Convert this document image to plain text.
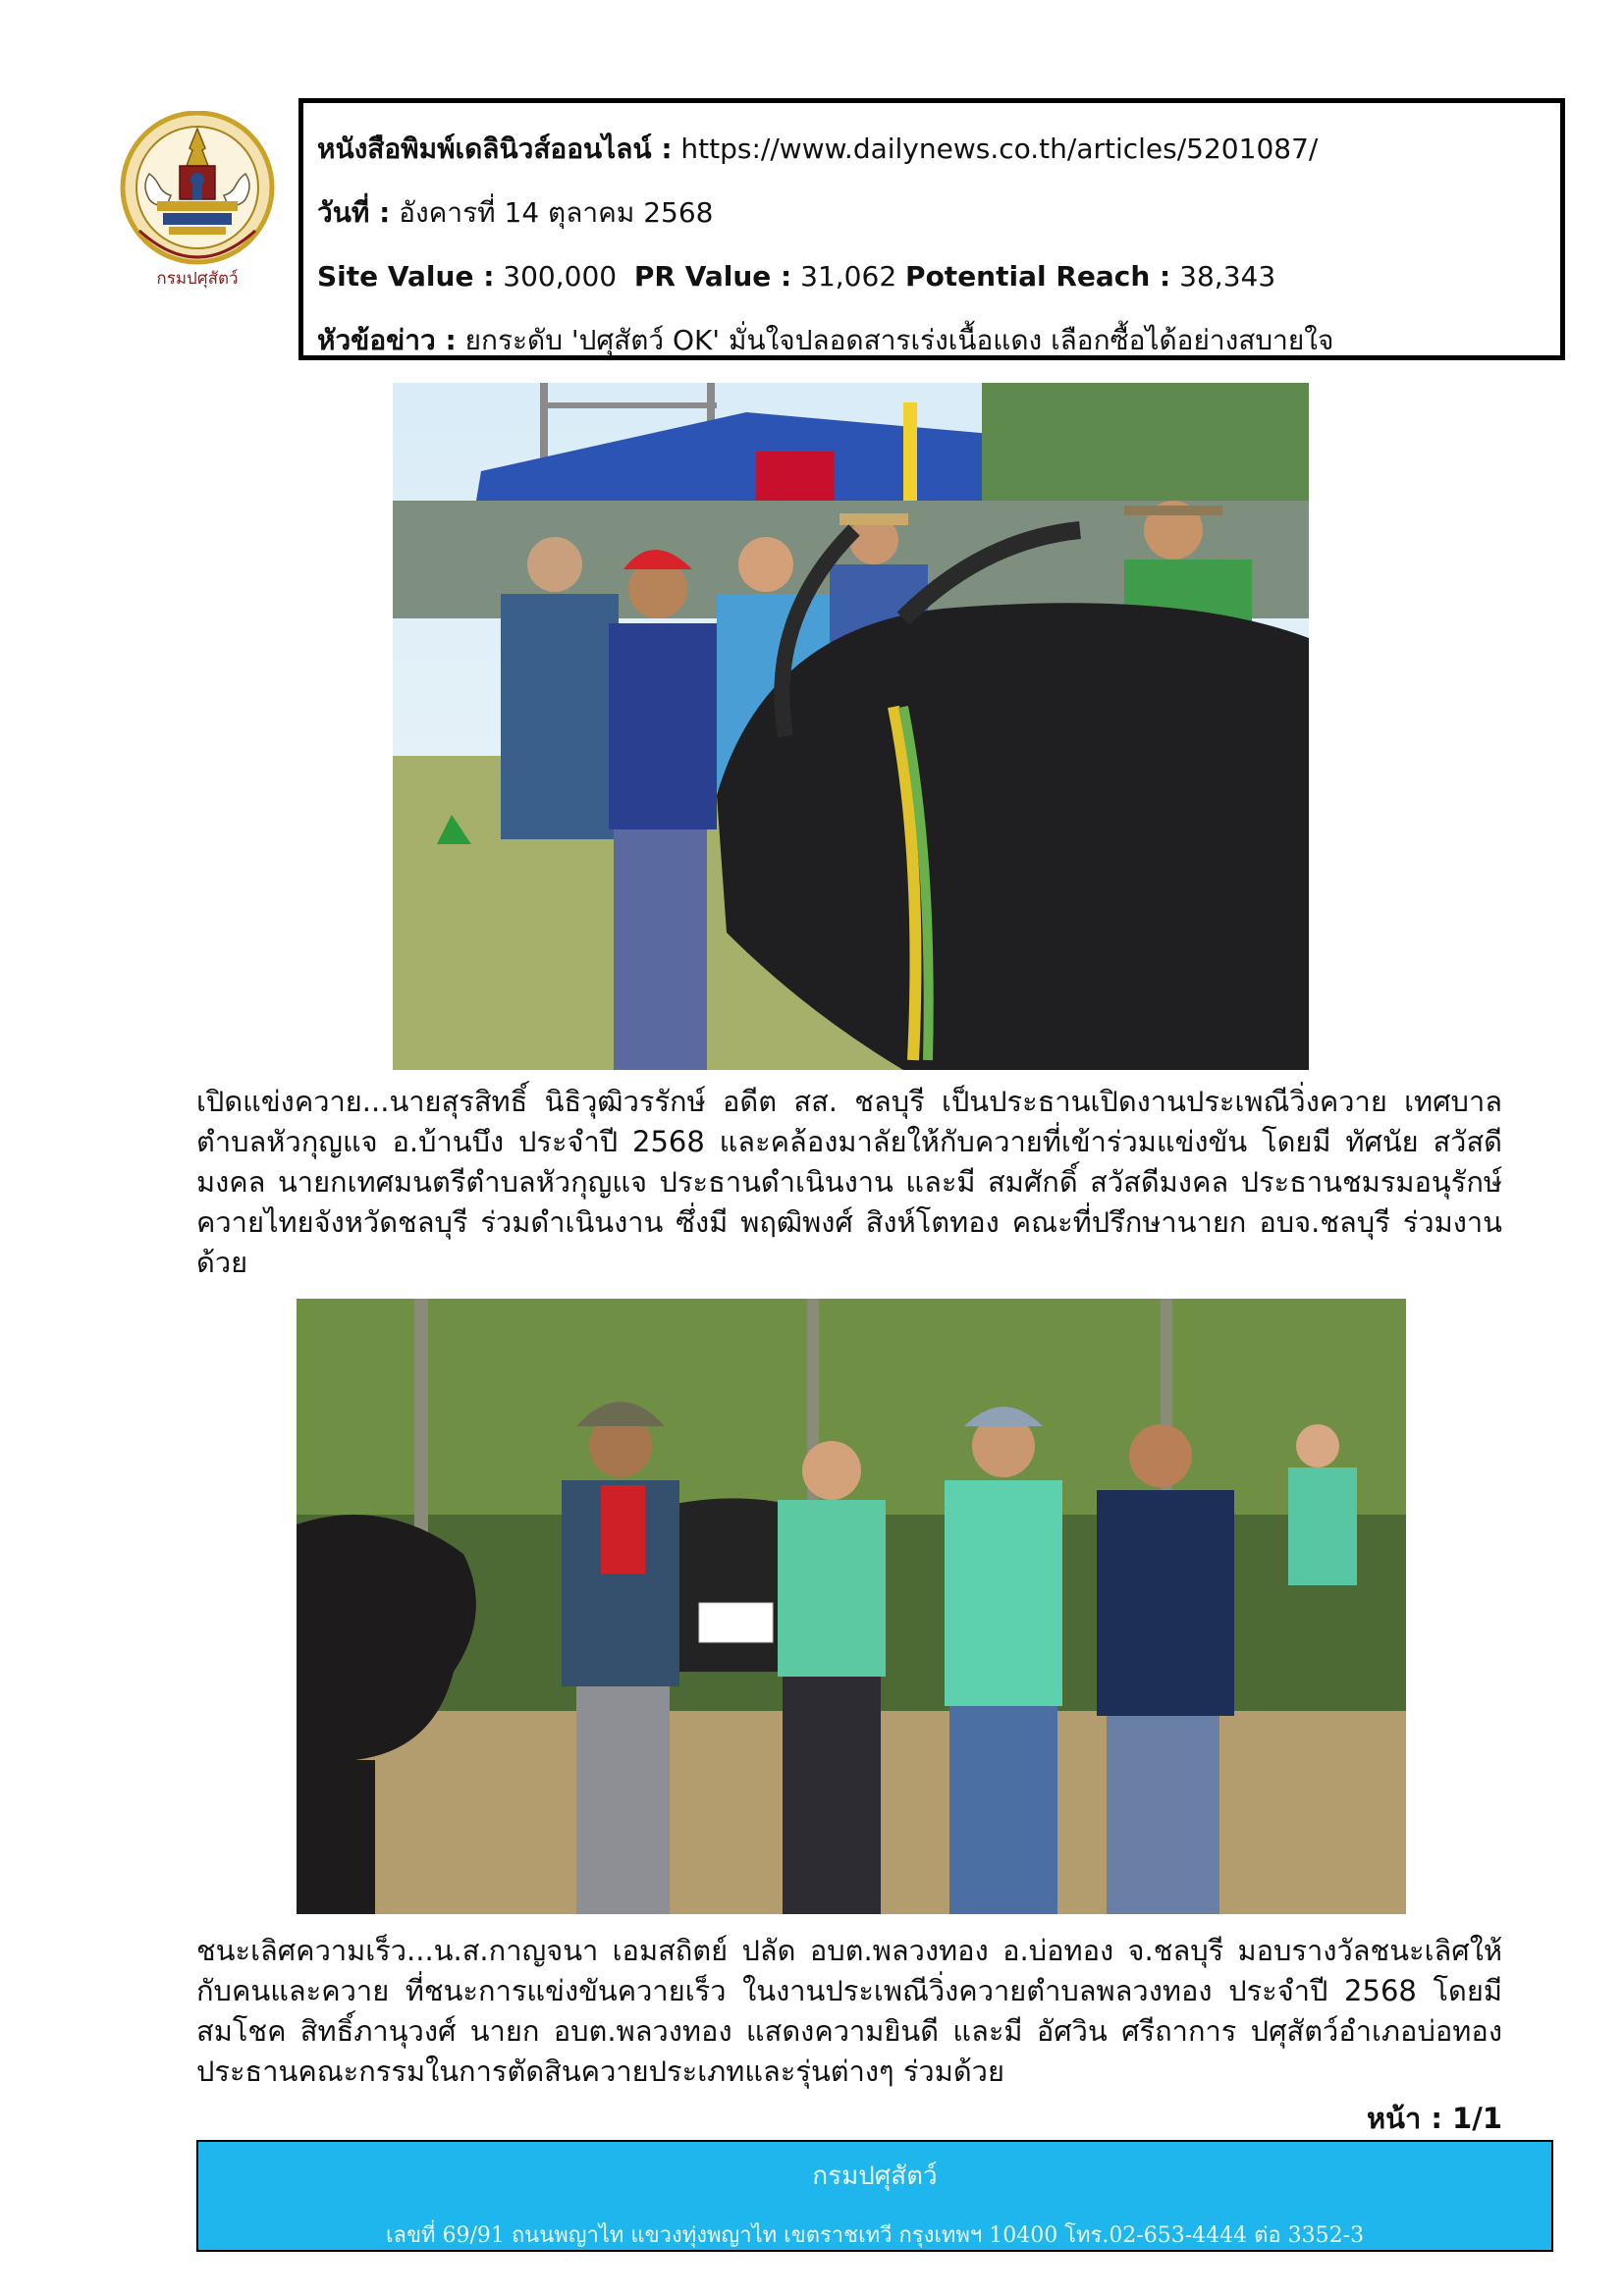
กรมปศุสัตว์
หนังสือพิมพ์เดลินิวส์ออนไลน์ : https://www.dailynews.co.th/articles/5201087/
วันที่ : อังคารที่ 14 ตุลาคม 2568
Site Value : 300,000 PR Value : 31,062 Potential Reach : 38,343
หัวข้อข่าว : ยกระดับ 'ปศุสัตว์ OK' มั่นใจปลอดสารเร่งเนื้อแดง เลือกซื้อได้อย่างสบายใจ
เปิดแข่งควาย...นายสุรสิทธิ์ นิธิวุฒิวรรักษ์ อดีต สส. ชลบุรี เป็นประธานเปิดงานประเพณีวิ่งควาย เทศบาลตำบลหัวกุญแจ อ.บ้านบึง ประจำปี 2568 และคล้องมาลัยให้กับควายที่เข้าร่วมแข่งขัน โดยมี ทัศนัย สวัสดีมงคล นายกเทศมนตรีตำบลหัวกุญแจ ประธานดำเนินงาน และมี สมศักดิ์ สวัสดีมงคล ประธานชมรมอนุรักษ์ควายไทยจังหวัดชลบุรี ร่วมดำเนินงาน ซึ่งมี พฤฒิพงศ์ สิงห์โตทอง คณะที่ปรึกษานายก อบจ.ชลบุรี ร่วมงานด้วย
ชนะเลิศความเร็ว...น.ส.กาญจนา เอมสถิตย์ ปลัด อบต.พลวงทอง อ.บ่อทอง จ.ชลบุรี มอบรางวัลชนะเลิศให้กับคนและควาย ที่ชนะการแข่งขันควายเร็ว ในงานประเพณีวิ่งควายตำบลพลวงทอง ประจำปี 2568 โดยมี สมโชค สิทธิ์ภานุวงศ์ นายก อบต.พลวงทอง แสดงความยินดี และมี อัศวิน ศรีถาการ ปศุสัตว์อำเภอบ่อทอง ประธานคณะกรรมในการตัดสินควายประเภทและรุ่นต่างๆ ร่วมด้วย
หน้า : 1/1
กรมปศุสัตว์
เลขที่ 69/91 ถนนพญาไท แขวงทุ่งพญาไท เขตราชเทวี กรุงเทพฯ 10400 โทร.02-653-4444 ต่อ 3352-3
